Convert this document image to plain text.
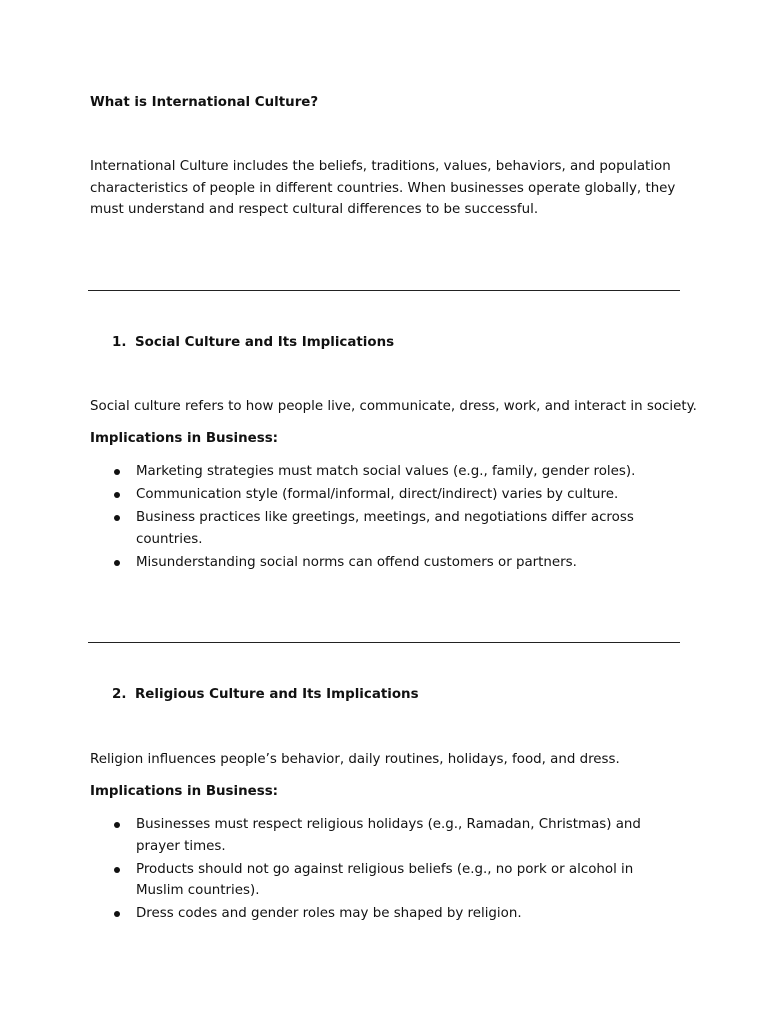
What is International Culture?

International Culture includes the beliefs, traditions, values, behaviors, and population characteristics of people in different countries. When businesses operate globally, they must understand and respect cultural differences to be successful.

1. Social Culture and Its Implications

Social culture refers to how people live, communicate, dress, work, and interact in society.

Implications in Business:
Marketing strategies must match social values (e.g., family, gender roles).
Communication style (formal/informal, direct/indirect) varies by culture.
Business practices like greetings, meetings, and negotiations differ across countries.
Misunderstanding social norms can offend customers or partners.
2. Religious Culture and Its Implications

Religion influences people’s behavior, daily routines, holidays, food, and dress.

Implications in Business:
Businesses must respect religious holidays (e.g., Ramadan, Christmas) and prayer times.
Products should not go against religious beliefs (e.g., no pork or alcohol in Muslim countries).
Dress codes and gender roles may be shaped by religion.
